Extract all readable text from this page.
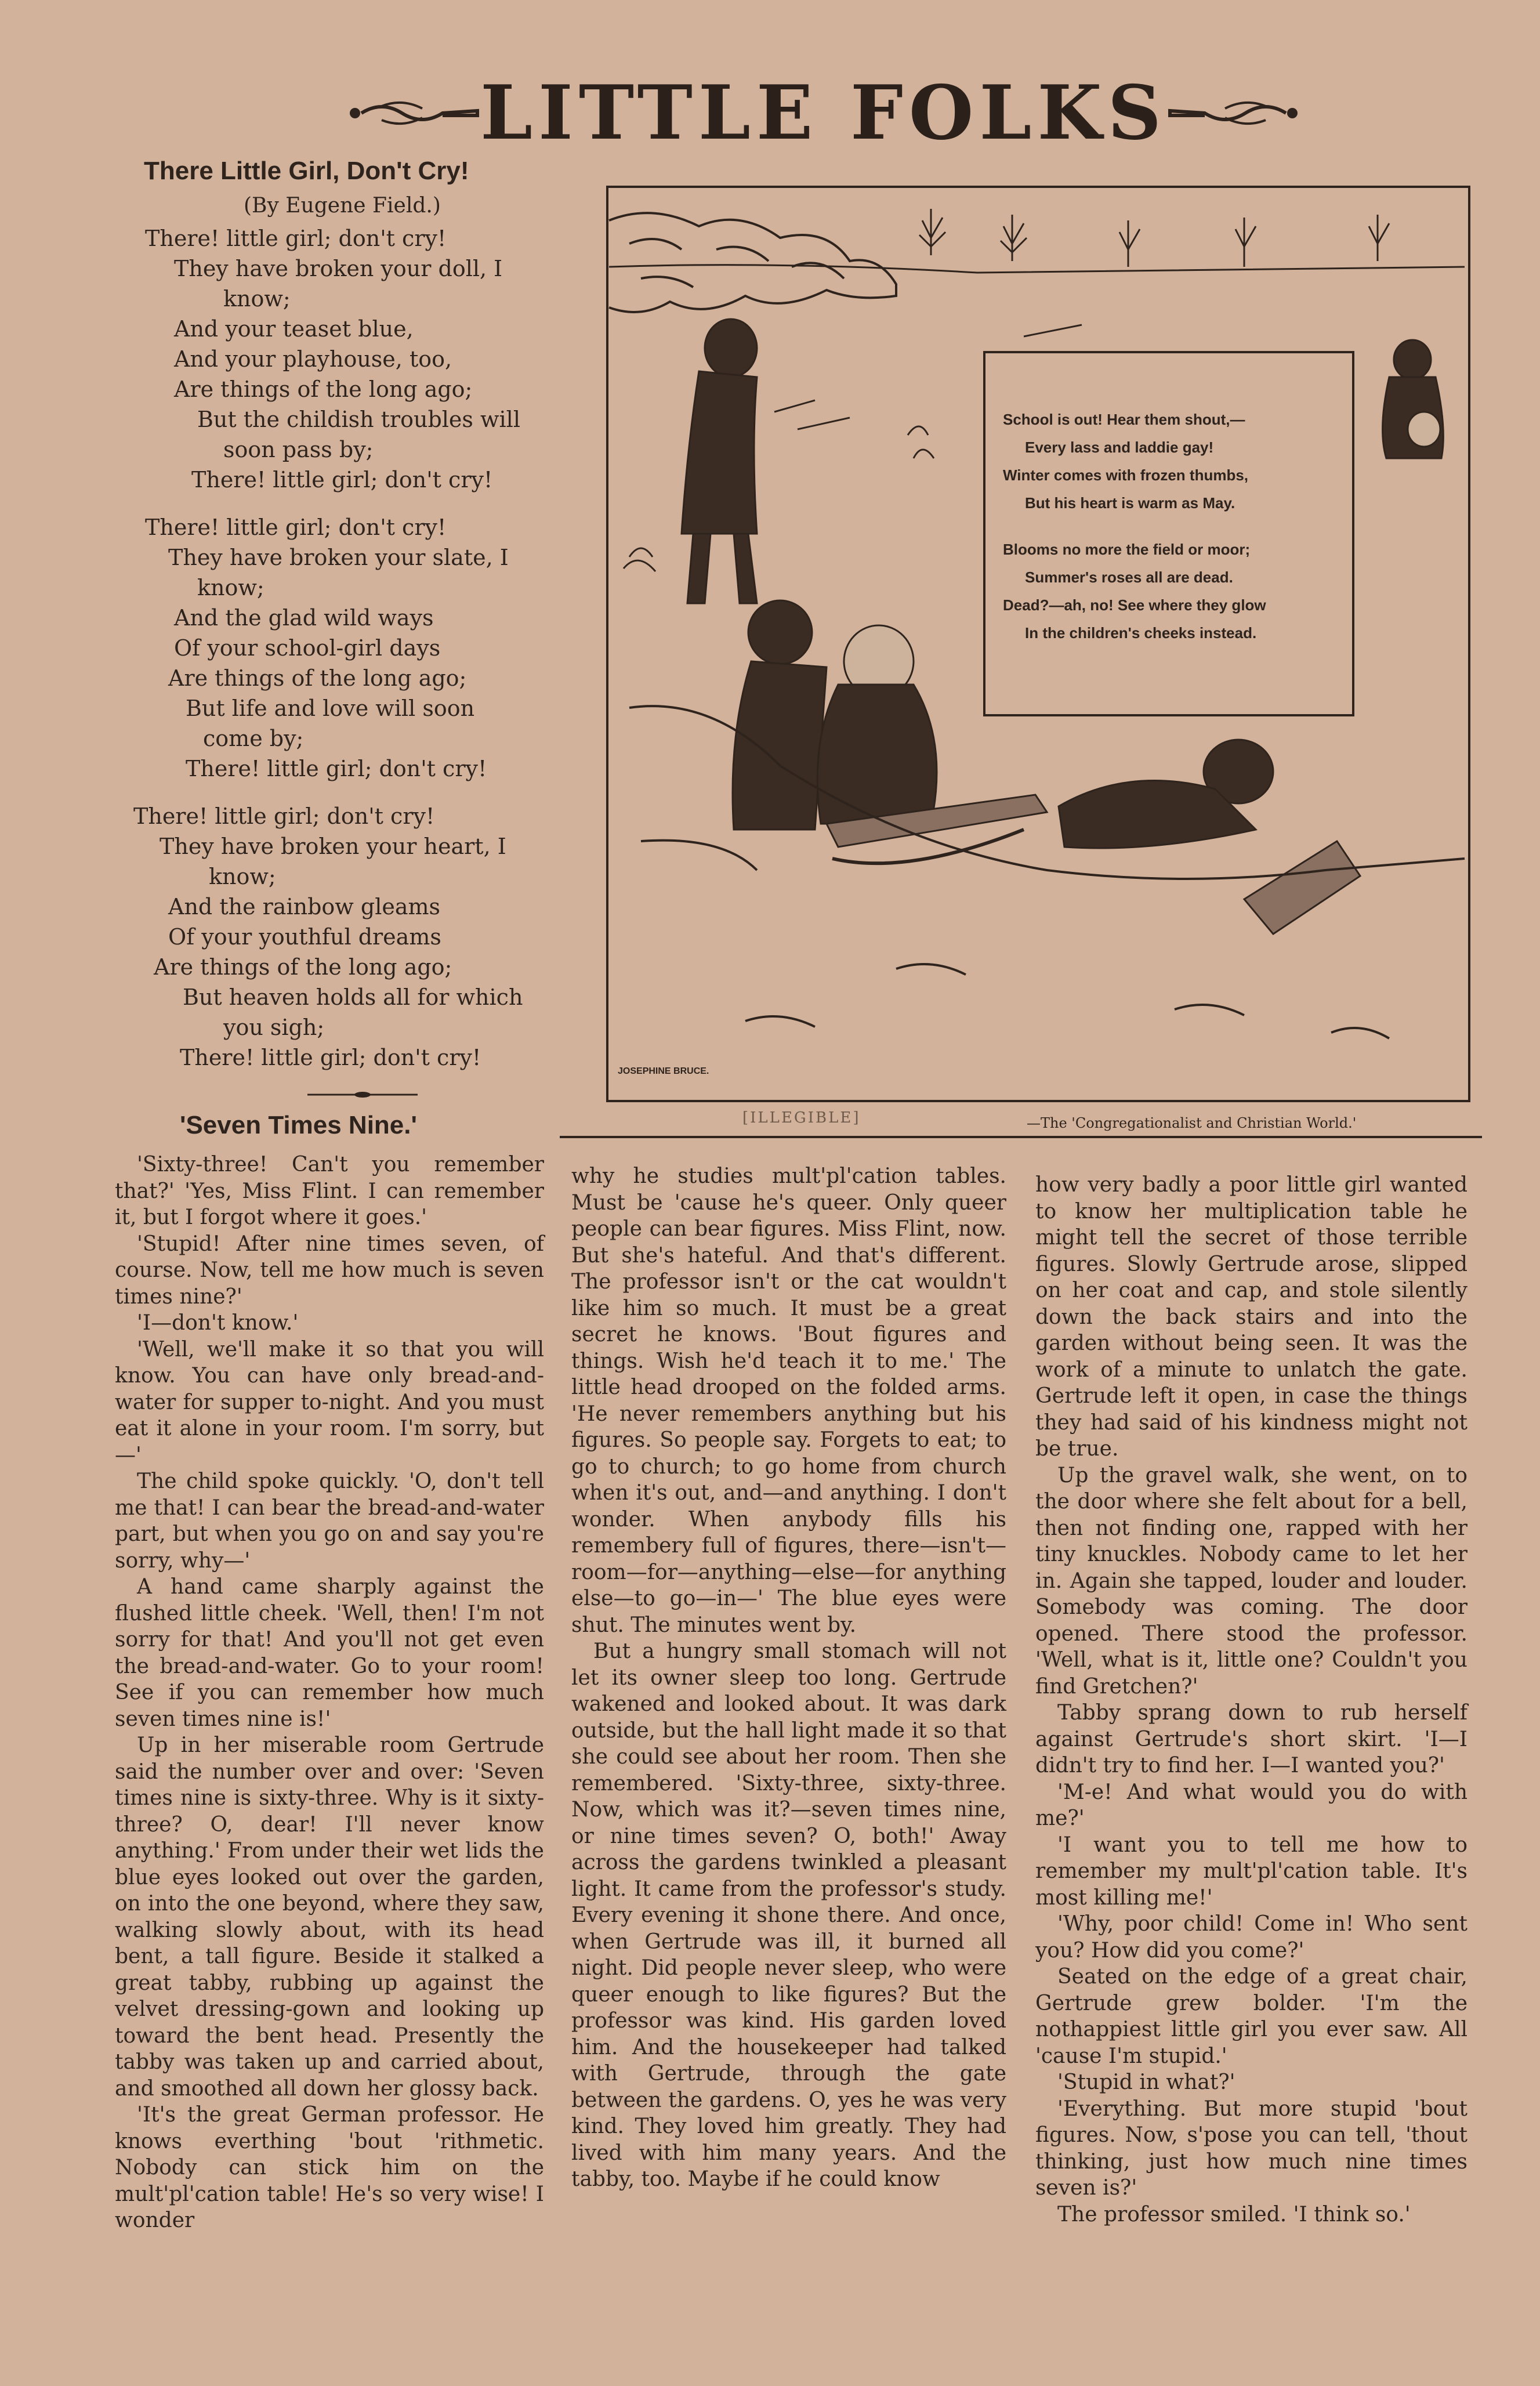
LITTLE FOLKS
There Little Girl, Don't Cry!
(By Eugene Field.)
There! little girl; don't cry!
They have broken your doll, I
know;
And your teaset blue,
And your playhouse, too,
Are things of the long ago;
But the childish troubles will
soon pass by;
There! little girl; don't cry!
There! little girl; don't cry!
They have broken your slate, I
know;
And the glad wild ways
Of your school-girl days
Are things of the long ago;
But life and love will soon
come by;
There! little girl; don't cry!
There! little girl; don't cry!
They have broken your heart, I
know;
And the rainbow gleams
Of your youthful dreams
Are things of the long ago;
But heaven holds all for which
you sigh;
There! little girl; don't cry!
School is out! Hear them shout,—
Every lass and laddie gay!
Winter comes with frozen thumbs,
But his heart is warm as May.
Blooms no more the field or moor;
Summer's roses all are dead.
Dead?—ah, no! See where they glow
In the children's cheeks instead.
JOSEPHINE BRUCE.
[ILLEGIBLE]	—The 'Congregationalist and Christian World.'
'Seven Times Nine.'

'Sixty-three! Can't you remember that?' 'Yes, Miss Flint. I can remember it, but I forgot where it goes.'

'Stupid! After nine times seven, of course. Now, tell me how much is seven times nine?'

'I—don't know.'

'Well, we'll make it so that you will know. You can have only bread-and-water for supper to-night. And you must eat it alone in your room. I'm sorry, but—'

The child spoke quickly. 'O, don't tell me that! I can bear the bread-and-water part, but when you go on and say you're sorry, why—'

A hand came sharply against the flushed little cheek. 'Well, then! I'm not sorry for that! And you'll not get even the bread-and-water. Go to your room! See if you can remember how much seven times nine is!'

Up in her miserable room Gertrude said the number over and over: 'Seven times nine is sixty-three. Why is it sixty-three? O, dear! I'll never know anything.' From under their wet lids the blue eyes looked out over the garden, on into the one beyond, where they saw, walking slowly about, with its head bent, a tall figure. Beside it stalked a great tabby, rubbing up against the velvet dressing-gown and looking up toward the bent head. Presently the tabby was taken up and carried about, and smoothed all down her glossy back.

'It's the great German professor. He knows everthing 'bout 'rithmetic. Nobody can stick him on the mult'pl'cation table! He's so very wise! I wonder

why he studies mult'pl'cation tables. Must be 'cause he's queer. Only queer people can bear figures. Miss Flint, now. But she's hateful. And that's different. The professor isn't or the cat wouldn't like him so much. It must be a great secret he knows. 'Bout figures and things. Wish he'd teach it to me.' The little head drooped on the folded arms. 'He never remembers anything but his figures. So people say. Forgets to eat; to go to church; to go home from church when it's out, and—and anything. I don't wonder. When anybody fills his remembery full of figures, there—isn't—room—for—anything—else—for anything else—to go—in—' The blue eyes were shut. The minutes went by.

But a hungry small stomach will not let its owner sleep too long. Gertrude wakened and looked about. It was dark outside, but the hall light made it so that she could see about her room. Then she remembered. 'Sixty-three, sixty-three. Now, which was it?—seven times nine, or nine times seven? O, both!' Away across the gardens twinkled a pleasant light. It came from the professor's study. Every evening it shone there. And once, when Gertrude was ill, it burned all night. Did people never sleep, who were queer enough to like figures? But the professor was kind. His garden loved him. And the housekeeper had talked with Gertrude, through the gate between the gardens. O, yes he was very kind. They loved him greatly. They had lived with him many years. And the tabby, too. Maybe if he could know

how very badly a poor little girl wanted to know her multiplication table he might tell the secret of those terrible figures. Slowly Gertrude arose, slipped on her coat and cap, and stole silently down the back stairs and into the garden without being seen. It was the work of a minute to unlatch the gate. Gertrude left it open, in case the things they had said of his kindness might not be true.

Up the gravel walk, she went, on to the door where she felt about for a bell, then not finding one, rapped with her tiny knuckles. Nobody came to let her in. Again she tapped, louder and louder. Somebody was coming. The door opened. There stood the professor. 'Well, what is it, little one? Couldn't you find Gretchen?'

Tabby sprang down to rub herself against Gertrude's short skirt. 'I—I didn't try to find her. I—I wanted you?'

'M-e! And what would you do with me?'

'I want you to tell me how to remember my mult'pl'cation table. It's most killing me!'

'Why, poor child! Come in! Who sent you? How did you come?'

Seated on the edge of a great chair, Gertrude grew bolder. 'I'm the nothappiest little girl you ever saw. All 'cause I'm stupid.'

'Stupid in what?'

'Everything. But more stupid 'bout figures. Now, s'pose you can tell, 'thout thinking, just how much nine times seven is?'

The professor smiled. 'I think so.'
